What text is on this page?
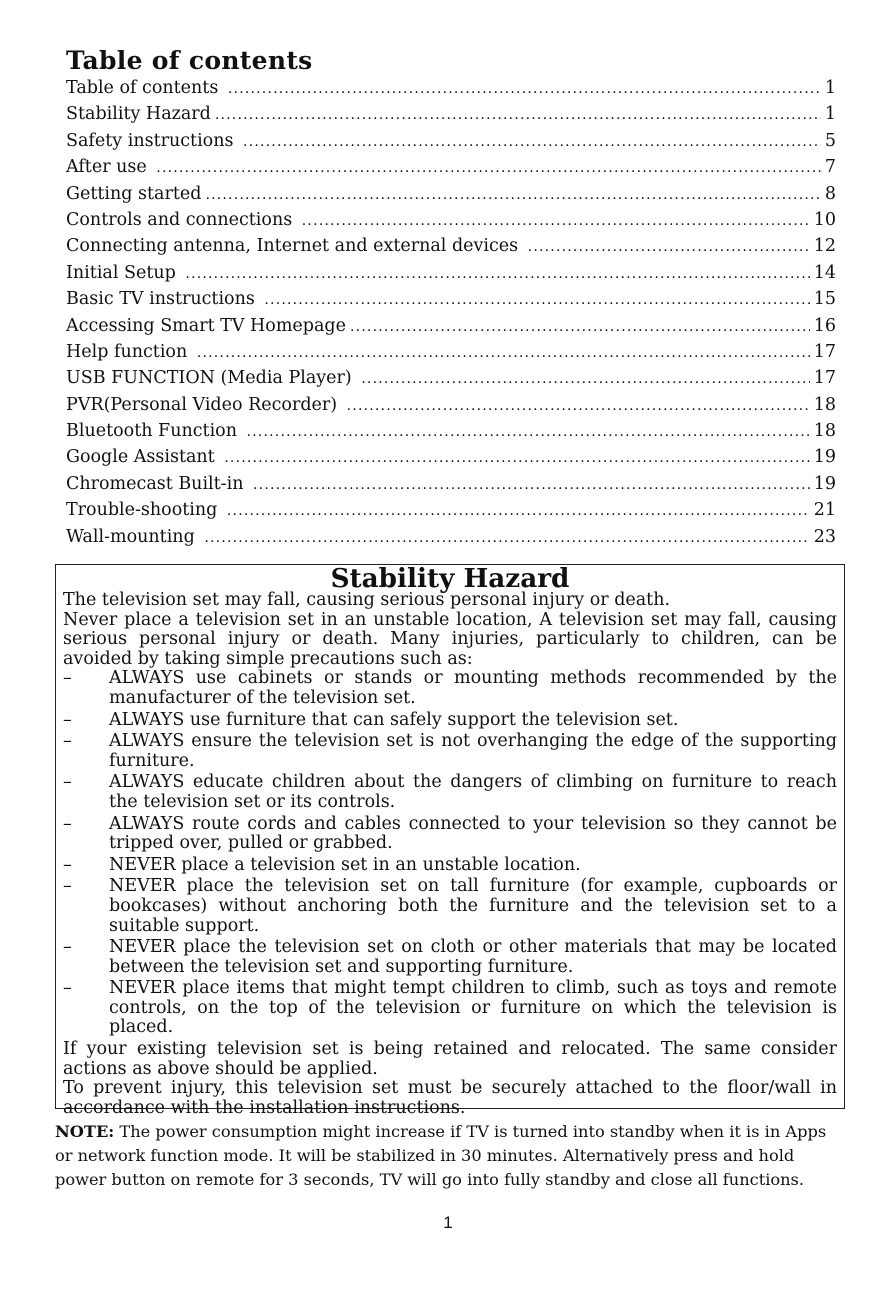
Table of contents
Table of contents .....	1
Stability Hazard .....	1
Safety instructions .....	5
After use .....	7
Getting started .....	8
Controls and connections .....	10
Connecting antenna, Internet and external devices .....	12
Initial Setup .....	14
Basic TV instructions .....	15
Accessing Smart TV Homepage .....	16
Help function .....	17
USB FUNCTION (Media Player) .....	17
PVR(Personal Video Recorder) .....	18
Bluetooth Function .....	18
Google Assistant .....	19
Chromecast Built-in .....	19
Trouble-shooting .....	21
Wall-mounting .....	23
Stability Hazard

The television set may fall, causing serious personal injury or death.

Never place a television set in an unstable location, A television set may fall, causing serious personal injury or death. Many injuries, particularly to children, can be avoided by taking simple precautions such as:

– ALWAYS use cabinets or stands or mounting methods recommended by the manufacturer of the television set.
– ALWAYS use furniture that can safely support the television set.
– ALWAYS ensure the television set is not overhanging the edge of the supporting furniture.
– ALWAYS educate children about the dangers of climbing on furniture to reach the television set or its controls.
– ALWAYS route cords and cables connected to your television so they cannot be tripped over, pulled or grabbed.
– NEVER place a television set in an unstable location.
– NEVER place the television set on tall furniture (for example, cupboards or bookcases) without anchoring both the furniture and the television set to a suitable support.
– NEVER place the television set on cloth or other materials that may be located between the television set and supporting furniture.
– NEVER place items that might tempt children to climb, such as toys and remote controls, on the top of the television or furniture on which the television is placed.

If your existing television set is being retained and relocated. The same consider actions as above should be applied.

To prevent injury, this television set must be securely attached to the floor/wall in accordance with the installation instructions.

NOTE: The power consumption might increase if TV is turned into standby when it is in Apps or network function mode. It will be stabilized in 30 minutes. Alternatively press and hold power button on remote for 3 seconds, TV will go into fully standby and close all functions.

1
